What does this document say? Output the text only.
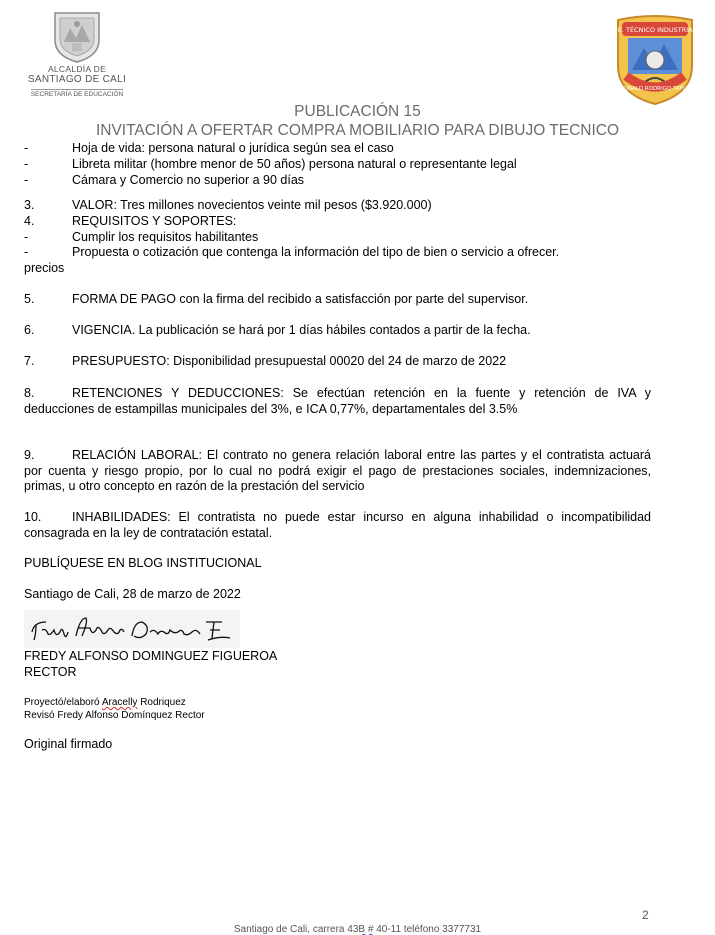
ALCALDÍA DE
SANTIAGO DE CALI
SECRETARÍA DE EDUCACIÓN
I.E. TÉCNICO INDUSTRIAL
DONALD RODRIGO TAFUR
PUBLICACIÓN 15
INVITACIÓN A OFERTAR COMPRA MOBILIARIO PARA DIBUJO TECNICO
-	Hoja de vida: persona natural o jurídica según sea el caso
-	Libreta militar (hombre menor de 50 años) persona natural o representante legal
-	Cámara y Comercio no superior a 90 días
3.	VALOR: Tres millones novecientos veinte mil pesos ($3.920.000)
4.	REQUISITOS Y SOPORTES:
-	Cumplir los requisitos habilitantes
-	Propuesta o cotización que contenga la información del tipo de bien o servicio a ofrecer.
precios
5.	FORMA DE PAGO con la firma del recibido a satisfacción por parte del supervisor.
6.	VIGENCIA. La publicación se hará por 1 días hábiles contados a partir de la fecha.
7.	PRESUPUESTO: Disponibilidad presupuestal 00020 del 24 de marzo de 2022
8.	RETENCIONES Y DEDUCCIONES: Se efectúan retención en la fuente y retención de IVA y deducciones de estampillas municipales del 3%, e ICA 0,77%, departamentales del 3.5%
9.	RELACIÓN LABORAL: El contrato no genera relación laboral entre las partes y el contratista actuará por cuenta y riesgo propio, por lo cual no podrá exigir el pago de prestaciones sociales, indemnizaciones, primas, u otro concepto en razón de la prestación del servicio
10. INHABILIDADES: El contratista no puede estar incurso en alguna inhabilidad o incompatibilidad consagrada en la ley de contratación estatal.
PUBLÍQUESE EN BLOG INSTITUCIONAL
Santiago de Cali, 28 de marzo de 2022
FREDY ALFONSO DOMINGUEZ FIGUEROA
RECTOR
Proyectó/elaboró Aracelly Rodriquez
Revisó Fredy Alfonso Domínquez Rector
Original firmado
2
Santiago de Cali, carrera 43B # 40-11 teléfono 3377731
